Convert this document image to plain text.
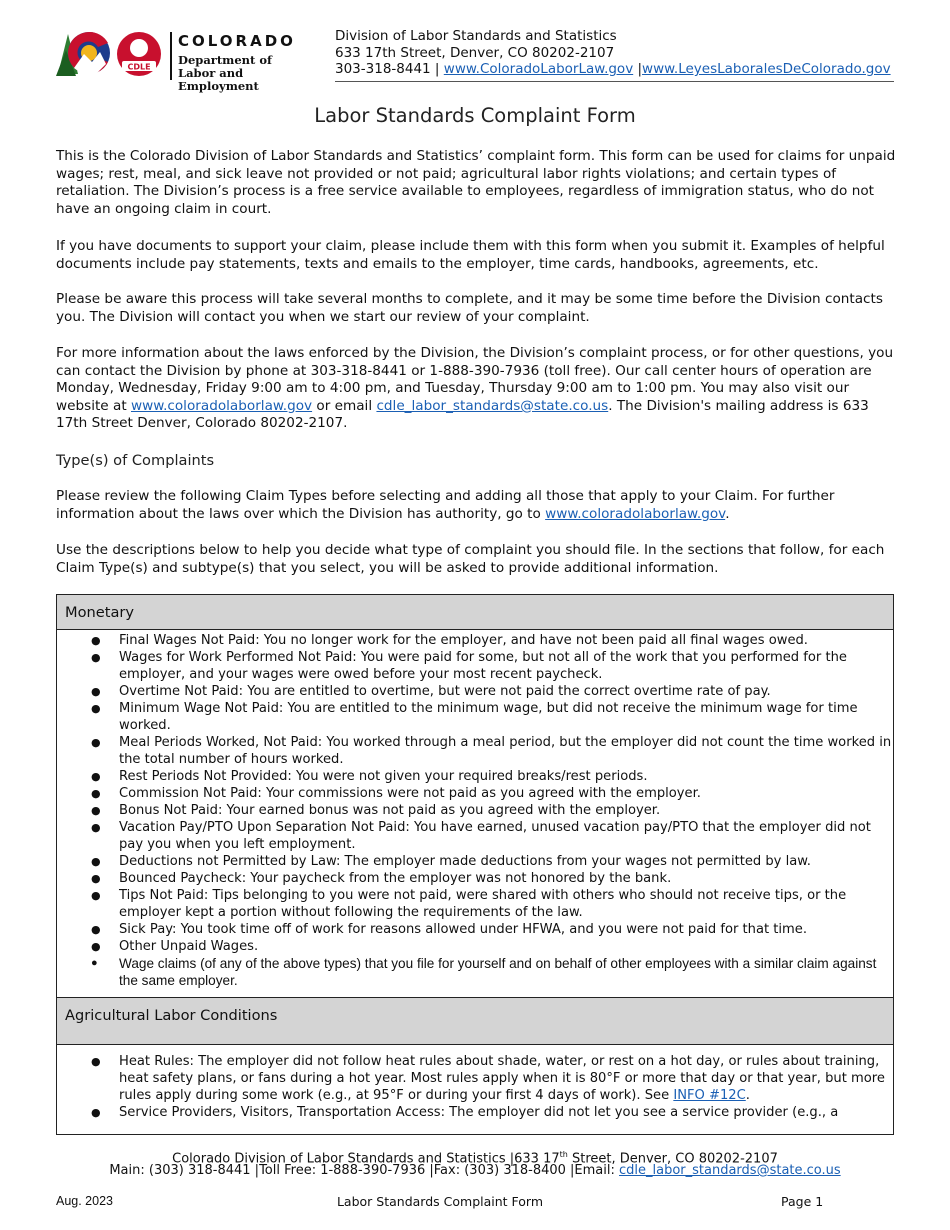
CDLE
COLORADO
Department of
Labor and Employment
Division of Labor Standards and Statistics
633 17th Street, Denver, CO 80202-2107
303-318-8441 | www.ColoradoLaborLaw.gov |www.LeyesLaboralesDeColorado.gov
Labor Standards Complaint Form

This is the Colorado Division of Labor Standards and Statistics’ complaint form. This form can be used for claims for unpaid wages; rest, meal, and sick leave not provided or not paid; agricultural labor rights violations; and certain types of retaliation. The Division’s process is a free service available to employees, regardless of immigration status, who do not have an ongoing claim in court.

If you have documents to support your claim, please include them with this form when you submit it. Examples of helpful documents include pay statements, texts and emails to the employer, time cards, handbooks, agreements, etc.

Please be aware this process will take several months to complete, and it may be some time before the Division contacts you. The Division will contact you when we start our review of your complaint.

For more information about the laws enforced by the Division, the Division’s complaint process, or for other questions, you can contact the Division by phone at 303-318-8441 or 1-888-390-7936 (toll free). Our call center hours of operation are Monday, Wednesday, Friday 9:00 am to 4:00 pm, and Tuesday, Thursday 9:00 am to 1:00 pm. You may also visit our website at www.coloradolaborlaw.gov or email cdle_labor_standards@state.co.us. The Division's mailing address is 633 17th Street Denver, Colorado 80202-2107.

Type(s) of Complaints

Please review the following Claim Types before selecting and adding all those that apply to your Claim. For further information about the laws over which the Division has authority, go to www.coloradolaborlaw.gov.

Use the descriptions below to help you decide what type of complaint you should file. In the sections that follow, for each Claim Type(s) and subtype(s) that you select, you will be asked to provide additional information.

Monetary
● Final Wages Not Paid: You no longer work for the employer, and have not been paid all final wages owed.
● Wages for Work Performed Not Paid: You were paid for some, but not all of the work that you performed for the employer, and your wages were owed before your most recent paycheck.
● Overtime Not Paid: You are entitled to overtime, but were not paid the correct overtime rate of pay.
● Minimum Wage Not Paid: You are entitled to the minimum wage, but did not receive the minimum wage for time worked.
● Meal Periods Worked, Not Paid: You worked through a meal period, but the employer did not count the time worked in the total number of hours worked.
● Rest Periods Not Provided: You were not given your required breaks/rest periods.
● Commission Not Paid: Your commissions were not paid as you agreed with the employer.
● Bonus Not Paid: Your earned bonus was not paid as you agreed with the employer.
● Vacation Pay/PTO Upon Separation Not Paid: You have earned, unused vacation pay/PTO that the employer did not pay you when you left employment.
● Deductions not Permitted by Law: The employer made deductions from your wages not permitted by law.
● Bounced Paycheck: Your paycheck from the employer was not honored by the bank.
● Tips Not Paid: Tips belonging to you were not paid, were shared with others who should not receive tips, or the employer kept a portion without following the requirements of the law.
● Sick Pay: You took time off of work for reasons allowed under HFWA, and you were not paid for that time.
● Other Unpaid Wages.
● Wage claims (of any of the above types) that you file for yourself and on behalf of other employees with a similar claim against the same employer.
Agricultural Labor Conditions
● Heat Rules: The employer did not follow heat rules about shade, water, or rest on a hot day, or rules about training, heat safety plans, or fans during a hot year. Most rules apply when it is 80°F or more that day or that year, but more rules apply during some work (e.g., at 95°F or during your first 4 days of work). See INFO #12C.
● Service Providers, Visitors, Transportation Access: The employer did not let you see a service provider (e.g., a
Colorado Division of Labor Standards and Statistics |633 17th Street, Denver, CO 80202-2107
Main: (303) 318-8441 |Toll Free: 1-888-390-7936 |Fax: (303) 318-8400 |Email: cdle_labor_standards@state.co.us
Aug. 2023	Labor Standards Complaint Form	Page 1
